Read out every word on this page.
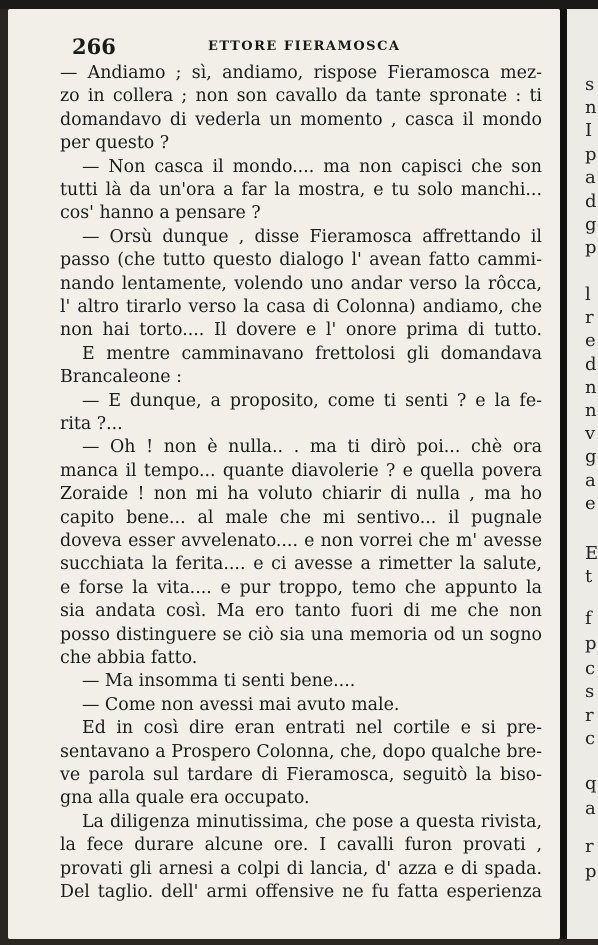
266	ETTORE FIERAMOSCA
— Andiamo ; sì, andiamo, rispose Fieramosca mez-
zo in collera ; non son cavallo da tante spronate : ti
domandavo di vederla un momento , casca il mondo
per questo ?
— Non casca il mondo.... ma non capisci che son
tutti là da un'ora a far la mostra, e tu solo manchi...
cos' hanno a pensare ?
— Orsù dunque , disse Fieramosca affrettando il
passo (che tutto questo dialogo l' avean fatto cammi-
nando lentamente, volendo uno andar verso la rôcca,
l' altro tirarlo verso la casa di Colonna) andiamo, che
non hai torto.... Il dovere e l' onore prima di tutto.
E mentre camminavano frettolosi gli domandava
Brancaleone :
— E dunque, a proposito, come ti senti ? e la fe-
rita ?...
— Oh ! non è nulla.. . ma ti dirò poi... chè ora
manca il tempo... quante diavolerie ? e quella povera
Zoraide ! non mi ha voluto chiarir di nulla , ma ho
capito bene... al male che mi sentivo... il pugnale
doveva esser avvelenato.... e non vorrei che m' avesse
succhiata la ferita.... e ci avesse a rimetter la salute,
e forse la vita.... e pur troppo, temo che appunto la
sia andata così. Ma ero tanto fuori di me che non
posso distinguere se ciò sia una memoria od un sogno
che abbia fatto.
— Ma insomma ti senti bene....
— Come non avessi mai avuto male.
Ed in così dire eran entrati nel cortile e si pre-
sentavano a Prospero Colonna, che, dopo qualche bre-
ve parola sul tardare di Fieramosca, seguitò la biso-
gna alla quale era occupato.
La diligenza minutissima, che pose a questa rivista,
la fece durare alcune ore. I cavalli furon provati ,
provati gli arnesi a colpi di lancia, d' azza e di spada.
Del taglio. dell' armi offensive ne fu fatta esperienza
s
n
I
p
a
d
g
p
l
r
e
d
n
n
v
g
a
e
E
t
f
p
c
s
r
c
q
a
r
p
